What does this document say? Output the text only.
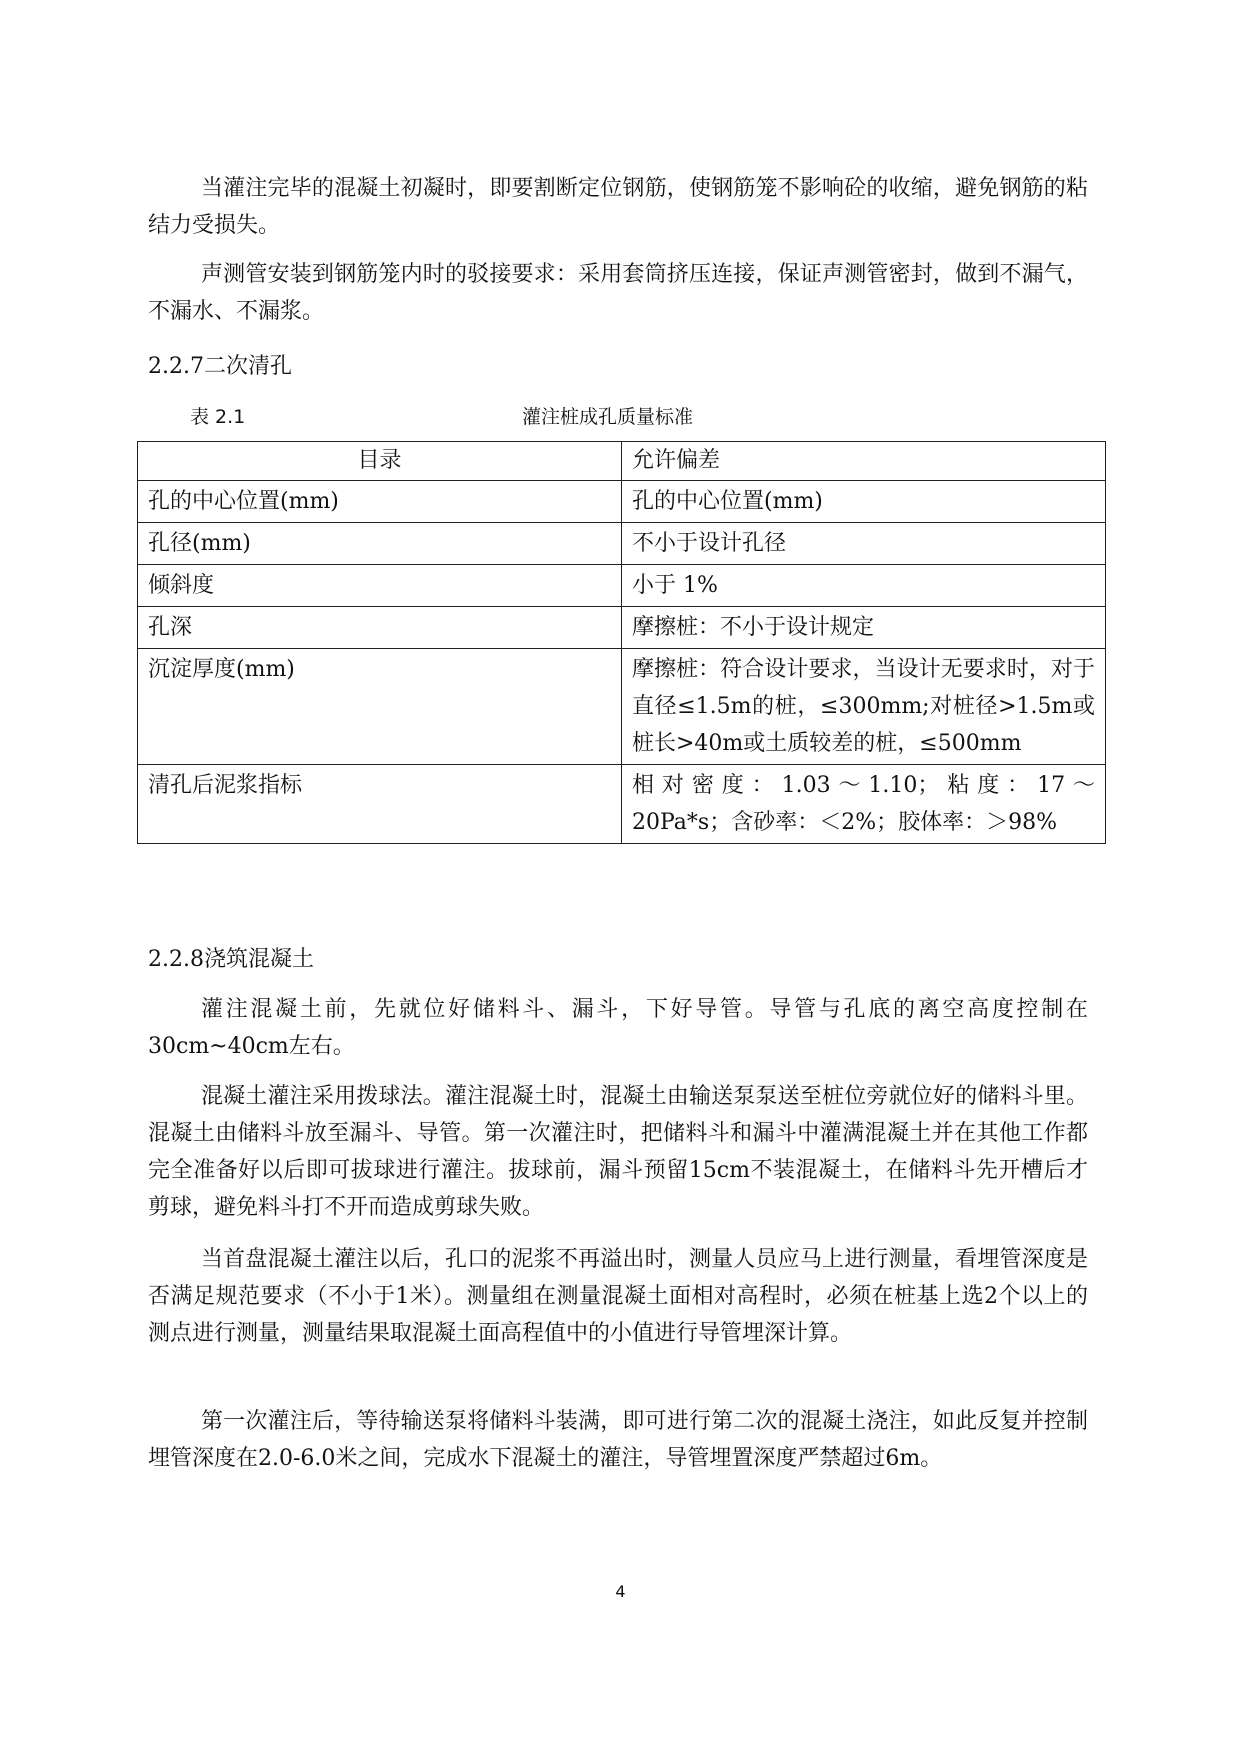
当灌注完毕的混凝土初凝时，即要割断定位钢筋，使钢筋笼不影响砼的收缩，避免钢筋的粘结力受损失。

声测管安装到钢筋笼内时的驳接要求：采用套筒挤压连接，保证声测管密封，做到不漏气，不漏水、不漏浆。

2.2.7二次清孔

表 2.1	灌注桩成孔质量标准
目录	允许偏差
孔的中心位置(mm)	孔的中心位置(mm)
孔径(mm)	不小于设计孔径
倾斜度	小于 1%
孔深	摩擦桩：不小于设计规定
沉淀厚度(mm)	摩擦桩：符合设计要求，当设计无要求时，对于直径≤1.5m的桩，≤300mm;对桩径>1.5m或桩长>40m或土质较差的桩，≤500mm
清孔后泥浆指标	相对密度：1.03～1.10；粘度：17～20Pa*s；含砂率：＜2%；胶体率：＞98%

2.2.8浇筑混凝土

灌注混凝土前，先就位好储料斗、漏斗，下好导管。导管与孔底的离空高度控制在30cm~40cm左右。

混凝土灌注采用拨球法。灌注混凝土时，混凝土由输送泵泵送至桩位旁就位好的储料斗里。混凝土由储料斗放至漏斗、导管。第一次灌注时，把储料斗和漏斗中灌满混凝土并在其他工作都完全准备好以后即可拔球进行灌注。拔球前，漏斗预留15cm不装混凝土，在储料斗先开槽后才剪球，避免料斗打不开而造成剪球失败。

当首盘混凝土灌注以后，孔口的泥浆不再溢出时，测量人员应马上进行测量，看埋管深度是否满足规范要求（不小于1米）。测量组在测量混凝土面相对高程时，必须在桩基上选2个以上的测点进行测量，测量结果取混凝土面高程值中的小值进行导管埋深计算。

第一次灌注后，等待输送泵将储料斗装满，即可进行第二次的混凝土浇注，如此反复并控制埋管深度在2.0-6.0米之间，完成水下混凝土的灌注，导管埋置深度严禁超过6m。

4
